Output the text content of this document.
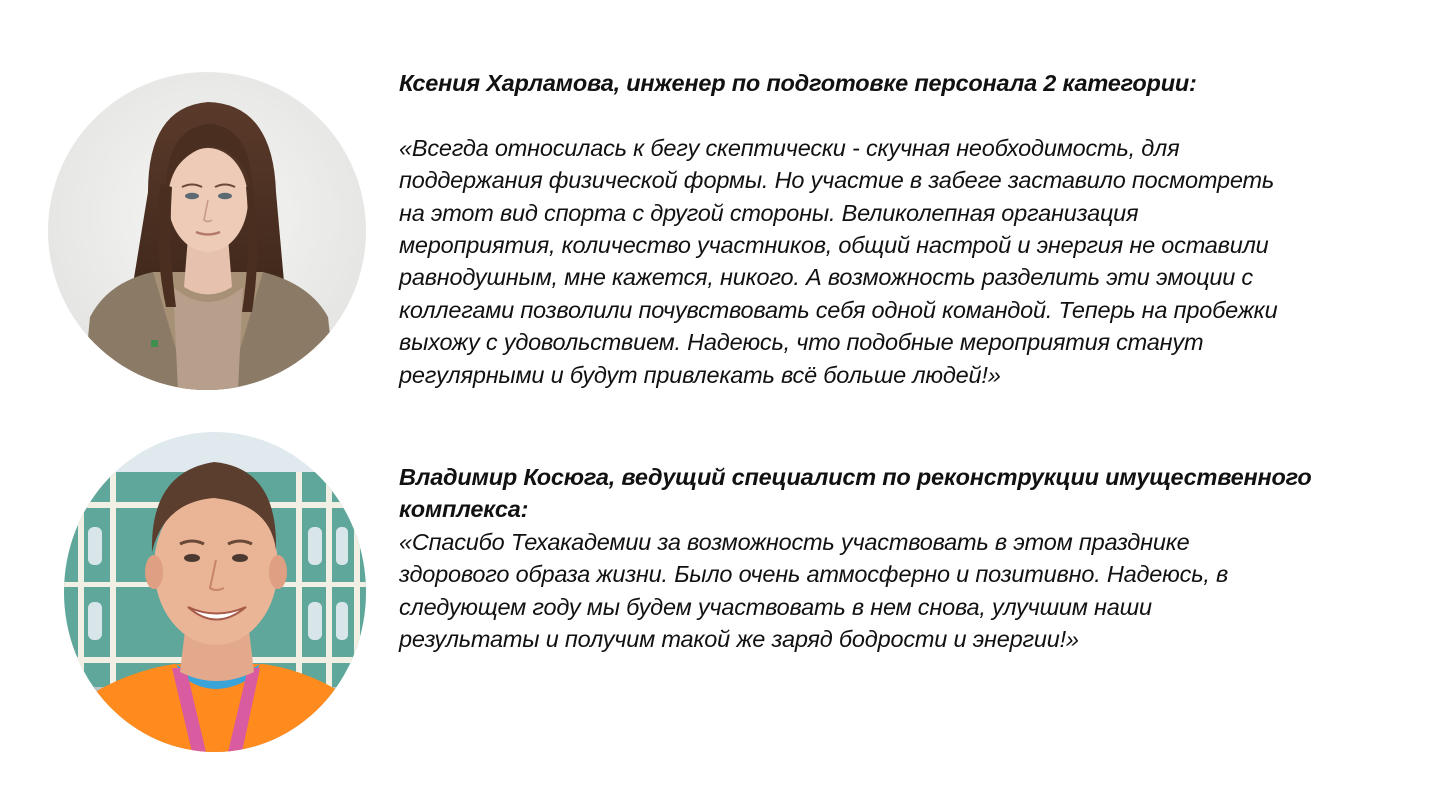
Ксения Харламова, инженер по подготовке персонала 2 категории:
«Всегда относилась к бегу скептически - скучная необходимость, для
поддержания физической формы. Но участие в забеге заставило посмотреть
на этот вид спорта с другой стороны. Великолепная организация
мероприятия, количество участников, общий настрой и энергия не оставили
равнодушным, мне кажется, никого. А возможность разделить эти эмоции с
коллегами позволили почувствовать себя одной командой. Теперь на пробежки
выхожу с удовольствием. Надеюсь, что подобные мероприятия станут
регулярными и будут привлекать всё больше людей!»
Владимир Косюга, ведущий специалист по реконструкции имущественного
комплекса:
«Спасибо Техакадемии за возможность участвовать в этом празднике
здорового образа жизни. Было очень атмосферно и позитивно. Надеюсь, в
следующем году мы будем участвовать в нем снова, улучшим наши
результаты и получим такой же заряд бодрости и энергии!»
